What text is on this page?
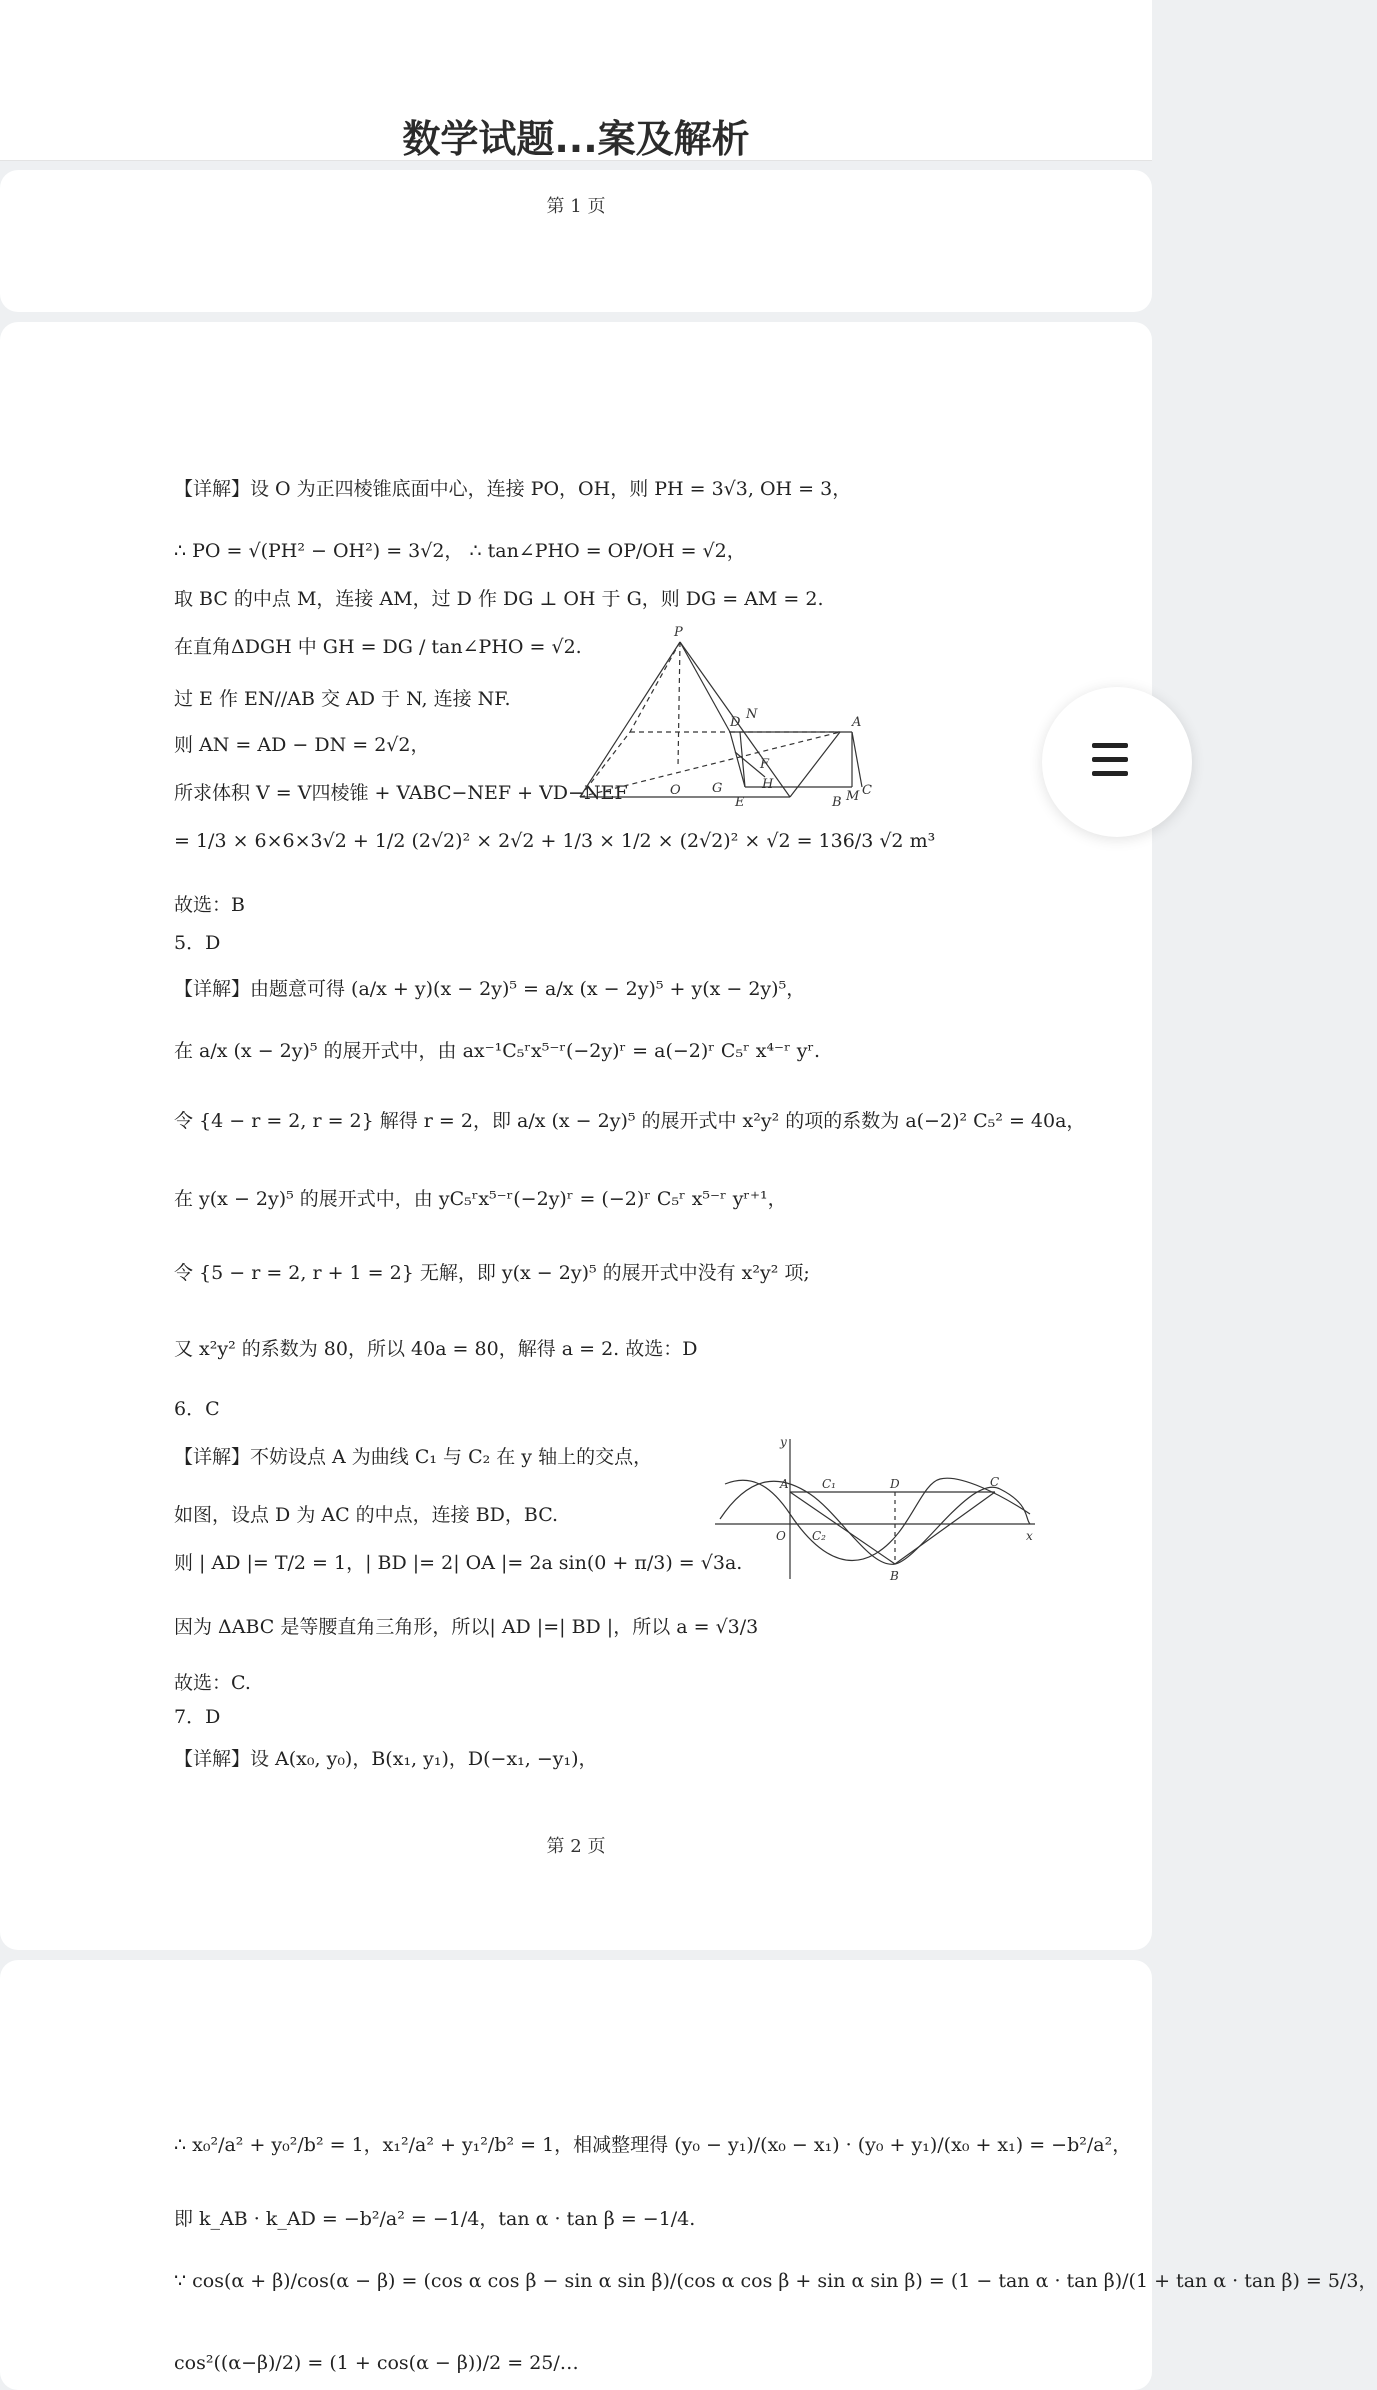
数学试题...案及解析
第 1 页
【详解】设 O 为正四棱锥底面中心，连接 PO，OH，则 PH = 3√3, OH = 3，
∴ PO = √(PH² − OH²) = 3√2， ∴ tan∠PHO = OP/OH = √2，
取 BC 的中点 M，连接 AM，过 D 作 DG ⊥ OH 于 G，则 DG = AM = 2.
在直角ΔDGH 中 GH = DG / tan∠PHO = √2.
过 E 作 EN//AB 交 AD 于 N, 连接 NF.
则 AN = AD − DN = 2√2，
所求体积 V = V四棱锥 + VABC−NEF + VD−NEF
= 1/3 × 6×6×3√2 + 1/2 (2√2)² × 2√2 + 1/3 × 1/2 × (2√2)² × √2 = 136/3 √2 m³
故选：B
P
D
N
A
F
H
O G
E	B M C
5．D
【详解】由题意可得 (a/x + y)(x − 2y)⁵ = a/x (x − 2y)⁵ + y(x − 2y)⁵，
在 a/x (x − 2y)⁵ 的展开式中，由 ax⁻¹C₅ʳx⁵⁻ʳ(−2y)ʳ = a(−2)ʳ C₅ʳ x⁴⁻ʳ yʳ.
令 {4 − r = 2, r = 2} 解得 r = 2，即 a/x (x − 2y)⁵ 的展开式中 x²y² 的项的系数为 a(−2)² C₅² = 40a，
在 y(x − 2y)⁵ 的展开式中，由 yC₅ʳx⁵⁻ʳ(−2y)ʳ = (−2)ʳ C₅ʳ x⁵⁻ʳ yʳ⁺¹，
令 {5 − r = 2, r + 1 = 2} 无解，即 y(x − 2y)⁵ 的展开式中没有 x²y² 项;
又 x²y² 的系数为 80，所以 40a = 80，解得 a = 2. 故选：D
6．C
【详解】不妨设点 A 为曲线 C₁ 与 C₂ 在 y 轴上的交点，
如图，设点 D 为 AC 的中点，连接 BD，BC.
则 | AD |= T/2 = 1，| BD |= 2| OA |= 2a sin(0 + π/3) = √3a.
因为 ΔABC 是等腰直角三角形，所以| AD |=| BD |，所以 a = √3/3
故选：C.
y
A	C₁	D	C
O C₂
B
x
7．D
【详解】设 A(x₀, y₀)，B(x₁, y₁)，D(−x₁, −y₁)，
第 2 页
∴ x₀²/a² + y₀²/b² = 1，x₁²/a² + y₁²/b² = 1，相减整理得 (y₀ − y₁)/(x₀ − x₁) · (y₀ + y₁)/(x₀ + x₁) = −b²/a²，
即 k_AB · k_AD = −b²/a² = −1/4，tan α · tan β = −1/4.
∵ cos(α + β)/cos(α − β) = (cos α cos β − sin α sin β)/(cos α cos β + sin α sin β) = (1 − tan α · tan β)/(1 + tan α · tan β) = 5/3，
cos²((α−β)/2) = (1 + cos(α − β))/2 = 25/…
